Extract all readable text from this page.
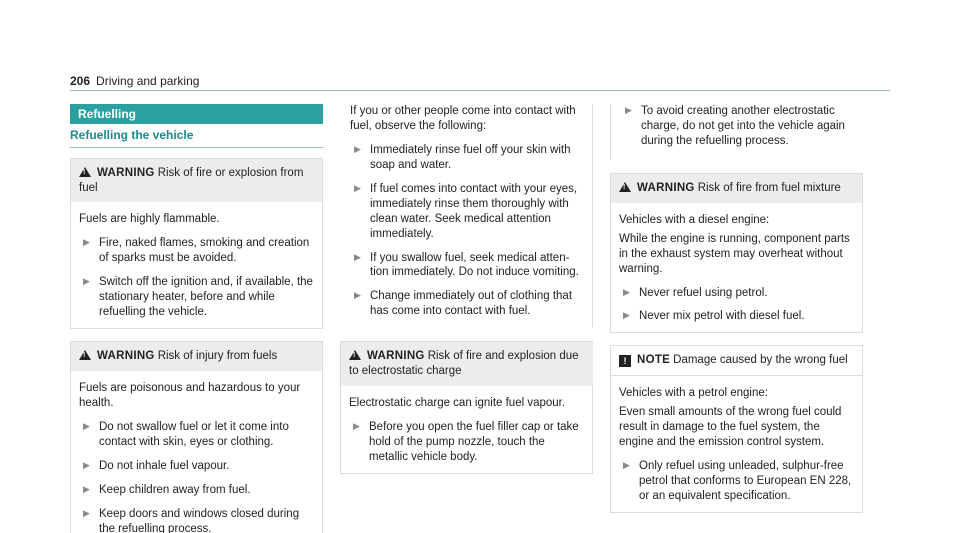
206 Driving and parking
Refuelling
Refuelling the vehicle
!WARNING Risk of fire or explosion from fuel

Fuels are highly flammable.

▶ Fire, naked flames, smoking and creation of sparks must be avoided.
▶ Switch off the ignition and, if available, the stationary heater, before and while refuelling the vehicle.
!WARNING Risk of injury from fuels

Fuels are poisonous and hazardous to your health.

▶ Do not swallow fuel or let it come into contact with skin, eyes or clothing.
▶ Do not inhale fuel vapour.
▶ Keep children away from fuel.
▶ Keep doors and windows closed during the refuelling process.

If you or other people come into contact with fuel, observe the following:

▶ Immediately rinse fuel off your skin with soap and water.
▶ If fuel comes into contact with your eyes, immediately rinse them thoroughly with clean water. Seek medical attention immediately.
▶ If you swallow fuel, seek medical attention immediately. Do not induce vomiting.
▶ Change immediately out of clothing that has come into contact with fuel.
!WARNING Risk of fire and explosion due to electrostatic charge

Electrostatic charge can ignite fuel vapour.

▶ Before you open the fuel filler cap or take hold of the pump nozzle, touch the metallic vehicle body.
▶ To avoid creating another electrostatic charge, do not get into the vehicle again during the refuelling process.
!WARNING Risk of fire from fuel mixture

Vehicles with a diesel engine:

While the engine is running, component parts in the exhaust system may overheat without warning.

▶ Never refuel using petrol.
▶ Never mix petrol with diesel fuel.
! NOTE Damage caused by the wrong fuel

Vehicles with a petrol engine:

Even small amounts of the wrong fuel could result in damage to the fuel system, the engine and the emission control system.

▶ Only refuel using unleaded, sulphur-free petrol that conforms to European EN 228, or an equivalent specification.
